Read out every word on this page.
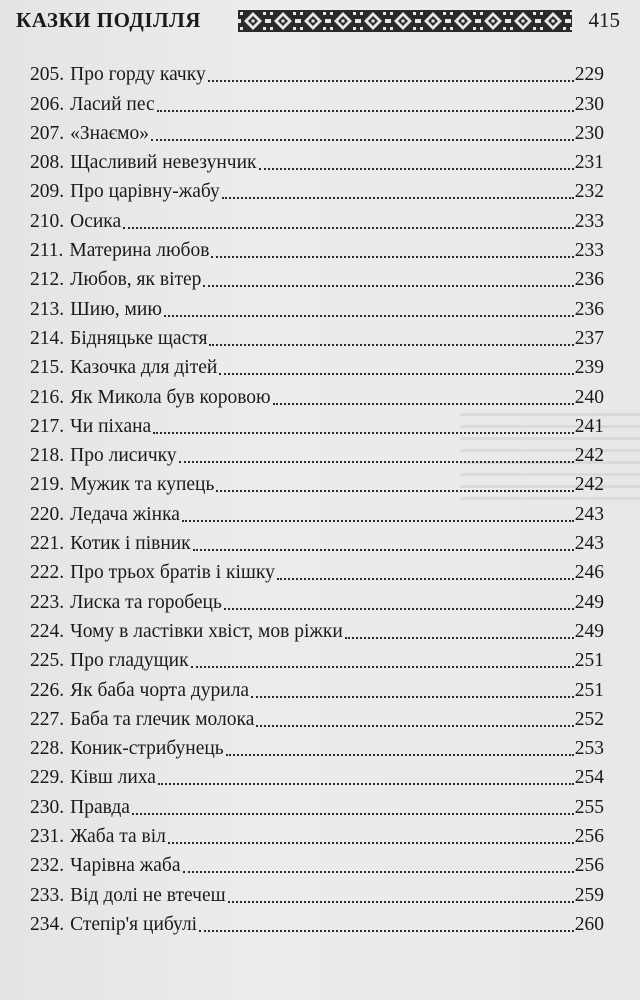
КАЗКИ ПОДІЛЛЯ	415
205. Про горду качку	229
206. Ласий пес	230
207. «Знаємо»	230
208. Щасливий невезунчик	231
209. Про царівну-жабу	232
210. Осика	233
211. Материна любов	233
212. Любов, як вітер	236
213. Шию, мию	236
214. Бідняцьке щастя	237
215. Казочка для дітей	239
216. Як Микола був коровою	240
217. Чи піхана	241
218. Про лисичку	242
219. Мужик та купець	242
220. Ледача жінка	243
221. Котик і півник	243
222. Про трьох братів і кішку	246
223. Лиска та горобець	249
224. Чому в ластівки хвіст, мов ріжки	249
225. Про гладущик	251
226. Як баба чорта дурила	251
227. Баба та глечик молока	252
228. Коник-стрибунець	253
229. Ківш лиха	254
230. Правда	255
231. Жаба та віл	256
232. Чарівна жаба	256
233. Від долі не втечеш	259
234. Степір'я цибулі	260
